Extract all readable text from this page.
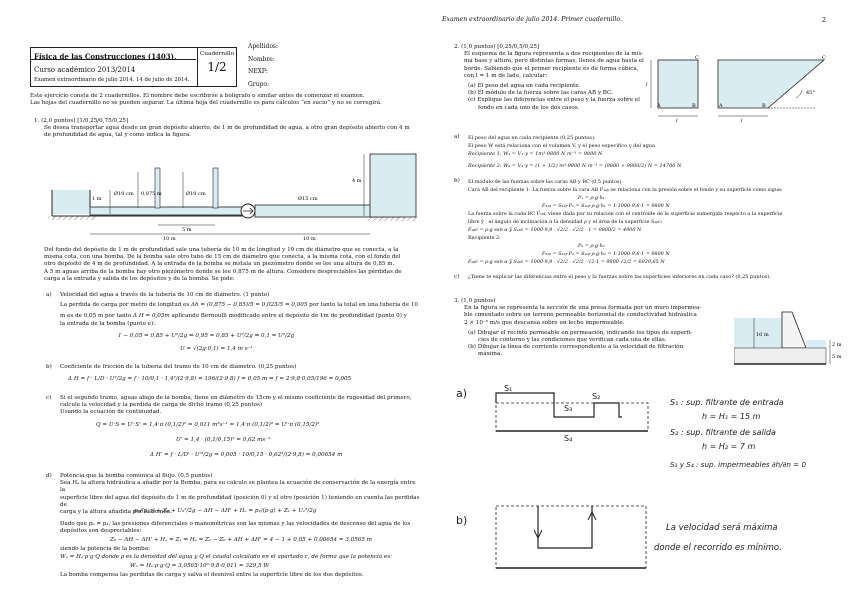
Física de las Construcciones (1403).
Curso académico 2013/2014
Examen extraordinario de julio 2014. 14 de julio de 2014.
Cuadernillo
1/2
Apellidos:
Nombre:
NEXP:
Grupo:
Este ejercicio consta de 2 cuadernillos. El nombre debe escribirse a bolígrafo o similar antes de comenzar el examen.
Las hojas del cuadernillo no se pueden separar. La última hoja del cuadernillo es para cálculos “en sucio” y no se corregirá.
1. (2,0 puntos) [1/0,25/0,75/0,25]
Se desea transportar agua desde un gran depósito abierto, de 1 m de profundidad de agua, a otro gran depósito abierto con 4 m
de profundidad de agua, tal y como indica la figura.
1 m
Ø10 cm 0,875 m	Ø10 cm
Ø15 cm
4 m
5 m
10 m	10 m
Del fondo del depósito de 1 m de profundidad sale una tubería de 10 m de longitud y 10 cm de diámetro que se conecta, a la
misma cota, con una bomba. De la bomba sale otro tubo de 15 cm de diámetro que conecta, a la misma cota, con el fondo del
otro depósito de 4 m de profundidad. A la entrada de la bomba se instala un piezómetro donde se lee una altura de 0,85 m.
A 5 m aguas arriba de la bomba hay otro piezómetro donde se lee 0,875 m de altura. Considere despreciables las pérdidas de
carga a la entrada y salida de los depósitos y de la bomba. Se pide:
a) Velocidad del agua a través de la tubería de 10 cm de diámetro. (1 punto)
La perdida de carga por metro de longitud es Δh = (0,875 − 0,85)/5 = 0,025/5 = 0,005 por tanto la total en una tubería de 10
m es de 0,05 m por tanto Δ H = 0,05m aplicando Bernoulli modificado entre el depósito de 1m de profundidad (punto 0) y
la entrada de la bomba (punto e):
1 − 0,05 = 0,85 + U²/2g ⇒ 0,95 = 0,85 + U²/2g ⇒ 0,1 = U²/2g
U = √(2g·0,1) = 1,4 m s⁻¹
b) Coeficiente de fricción de la tubería del tramo de 10 cm de diámetro. (0,25 puntos)
Δ H = f · L/D · U²/2g = f · 10/0,1 · 1,4²/(2·9,8) = 196/(2·9,8) f = 0,05 m ⇒ f = 2·9,8·0,05/196 = 0,005
c) Si el segundo tramo, aguas abajo de la bomba, tiene un diámetro de 15cm y el mismo coeficiente de rugosidad del primero,
calcule la velocidad y la perdida de carga de dicho tramo (0,25 puntos)
Usando la ecuación de continuidad.
Q = U·S = U'·S' = 1,4·π (0,1/2)² = 0,011 m³s⁻¹ = 1,4·π (0,1/2)² = U'·π (0,15/2)²
U' = 1,4 · (0,1/0,15)² = 0,62 ms⁻¹
Δ H' = f · L/D' · U'²/2g = 0,005 · 10/0,15 · 0,62²/(2·9,8) = 0,00654 m
d) Potencia que la bomba comunica al flujo. (0,5 puntos)
Sea Hₐ la altura hidráulica a añadir por la Bomba, para su calculo se plantea la ecuación de conservación de la energía entre la
superficie libre del agua del depósito de 1 m de profundidad (posición 0) y el otro (posición 1) teniendo en cuenta las perdidas de
carga y la altura añadida por la bomba.
p₀/(ρ·g) + Z₀ + U₀²/2g − ΔH − ΔH' + Hₐ = p₁/(ρ·g) + Z₁ + U₁²/2g
Dado que p₀ = p₁, las presiones diferenciales o manométricas son las mismas y las velocidades de descenso del agua de los
depósitos son despreciables:
Z₀ − ΔH − ΔH' + Hₐ = Z₁ ⇒ Hₐ = Z₁ − Z₀ + ΔH + ΔH' = 4 − 1 + 0,05 + 0,00654 = 3,0565 m
siendo la potencia de la bomba:
Wₐ = Hₐ·ρ·g·Q donde ρ es la densidad del agua y Q el caudal calculado en el apartado c, de forma que la potencia es:
Wₐ = Hₐ·ρ·g·Q = 3,0565·10³·9,8·0,011 = 329,5 W
La bomba compensa las perdidas de carga y salva el desnivel entre la superficie libre de los dos depósitos.
Examen extraordinario de julio 2014. Primer cuadernillo.	2
2. (1,0 puntos) [0,25/0,5/0,25]
El esquema de la figura representa a dos recipientes de la mis-
ma base y altura, pero distintas formas, llenos de agua hasta el
borde. Sabiendo que el primer recipiente es de forma cúbica,
con l = 1 m de lado, calcular:
(a) El peso del agua en cada recipiente.
(b) El módulo de la fuerza sobre las caras AB y BC.
(c) Explique las diferencias entre el peso y la fuerza sobre el
fondo en cada uno de los dos casos.	A	B
C
A	B
C
l
l	l
45°
a) El peso del agua en cada recipiente (0,25 puntos).
El peso W está relaciona con el volumen V, y el peso específico γ del agua
Recipiente 1: W₁ = V₁·γ = 1m³·9800 N m⁻³ = 9800 N
Recipiente 2: W₂ = V₂·γ = (1 + 1/2) m³·9800 N m⁻³ = (9800 + 9800/2) N = 14700 N
b) El módulo de las fuerzas sobre las caras AB y BC (0,5 puntos).
Cara AB del recipiente 1: La fuerza sobre la cara AB F₁ₐᵦ se relaciona con la presión sobre el fondo y su superficie como sigue:
P₁ = ρ·g·h₁
F₁ₐᵦ = S₁ₐᵦ·P₁ = S₁ₐᵦ·ρ·g·h₁ = 1·1000·9,8·1 = 9800 N
La fuerza sobre la cada BC F₁ᵦc viene dada por su relación con el centroide de la superficie sumergida respecto a la superficie
libre ȳ , el ángulo de inclinación α la densidad ρ y el área de la superficie S₁ᵦc:
F₁ᵦc = ρ·g sen α ȳ S₁ᵦc = 1000·9,8 · √2/2 · √2/2 · 1 = 9800/2 = 4900 N
Recipiente 2:
P₂ = ρ·g·h₂
F₂ₐᵦ = S₂ₐᵦ·P₂ = S₂ₐᵦ·ρ·g·h₂ = 1·1000·9,8·1 = 9800 N
F₂ᵦc = ρ·g sen α ȳ S₂ᵦc = 1000·9,8 · √2/2 · √2/2 · √2·1 = 9800 √2/2 = 6929,65 N
c) ¿Tiene te explicar las diferencias entre el peso y la fuerzas sobre las superficies inferiores en cada caso? (0,25 puntos).
3. (1,0 puntos)
En la figura se representa la sección de una presa formada por un muro impermea-
ble cimentado sobre un terreno permeable horizontal de conductividad hidráulica
2 × 10⁻⁵ m/s que descansa sobre un lecho impermeable.
(a) Dibujar el recinto permeable en permeación, indicando los tipos de superfi-
cies de contorno y las condiciones que verifican cada una de ellas.
(b) Dibujar la línea de corriente correspondiente a la velocidad de filtración
máxima.
10 m
2 m
5 m
a)	S₁
S₂
S₃
S₄
S₁ : sup. filtrante de entrada
h = H₁ = 15 m
S₂ : sup. filtrante de salida
h = H₂ = 7 m
S₃ y S₄ : sup. impermeables ∂h/∂n = 0
b)
La velocidad será máxima
donde el recorrido es mínimo.
